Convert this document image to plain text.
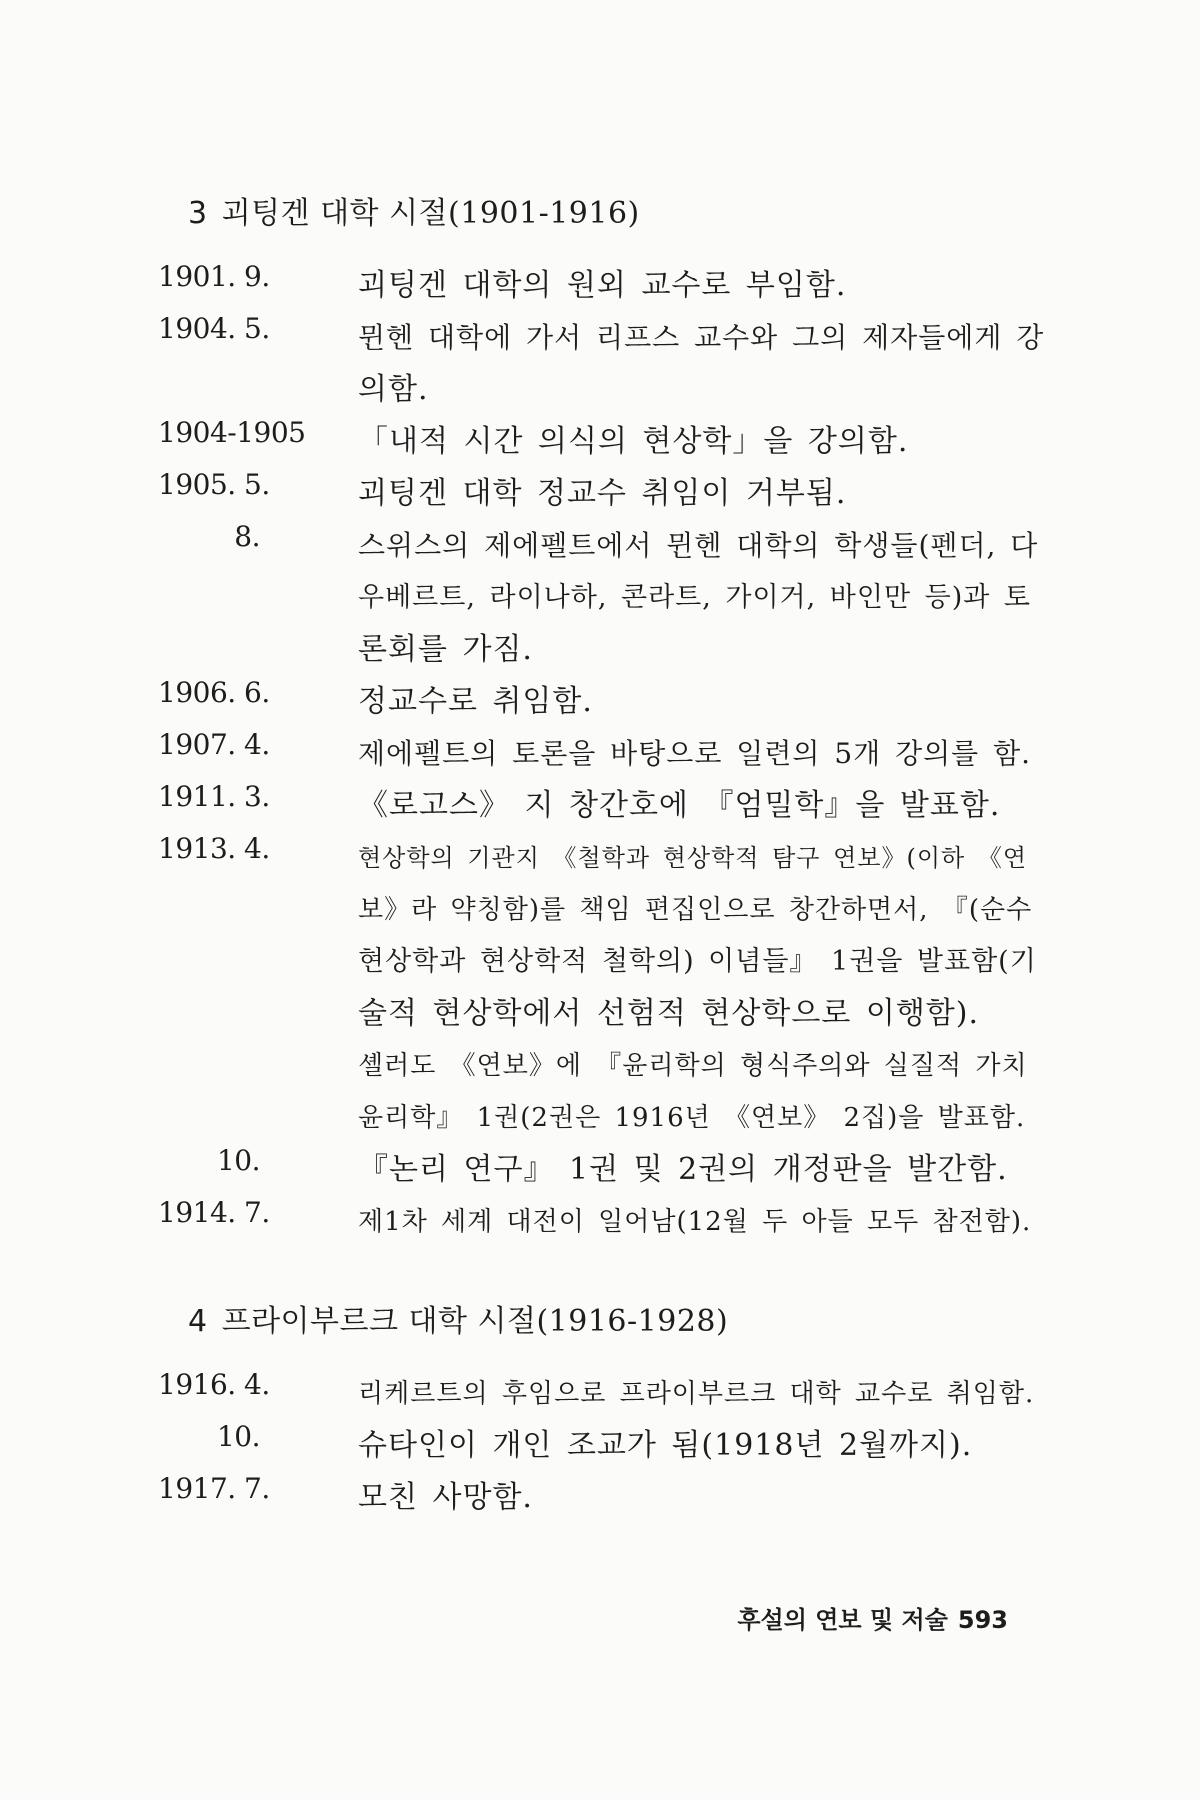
3 괴팅겐 대학 시절(1901-1916)
1901. 9.	괴팅겐 대학의 원외 교수로 부임함.
1904. 5.	뮌헨 대학에 가서 리프스 교수와 그의 제자들에게 강
의함.
1904-1905 「내적 시간 의식의 현상학」을 강의함.
1905. 5.	괴팅겐 대학 정교수 취임이 거부됨.
8.	스위스의 제에펠트에서 뮌헨 대학의 학생들(펜더, 다
우베르트, 라이나하, 콘라트, 가이거, 바인만 등)과 토
론회를 가짐.
1906. 6.	정교수로 취임함.
1907. 4.	제에펠트의 토론을 바탕으로 일련의 5개 강의를 함.
1911. 3.	《로고스》 지 창간호에 『엄밀학』을 발표함.
1913. 4.	현상학의 기관지 《철학과 현상학적 탐구 연보》(이하 《연
보》라 약칭함)를 책임 편집인으로 창간하면서, 『(순수
현상학과 현상학적 철학의) 이념들』 1권을 발표함(기
술적 현상학에서 선험적 현상학으로 이행함).
셸러도 《연보》에 『윤리학의 형식주의와 실질적 가치
윤리학』 1권(2권은 1916년 《연보》 2집)을 발표함.
10.	『논리 연구』 1권 및 2권의 개정판을 발간함.
1914. 7.	제1차 세계 대전이 일어남(12월 두 아들 모두 참전함).
4 프라이부르크 대학 시절(1916-1928)
1916. 4.	리케르트의 후임으로 프라이부르크 대학 교수로 취임함.
10.	슈타인이 개인 조교가 됨(1918년 2월까지).
1917. 7.	모친 사망함.
후설의 연보 및 저술 593
